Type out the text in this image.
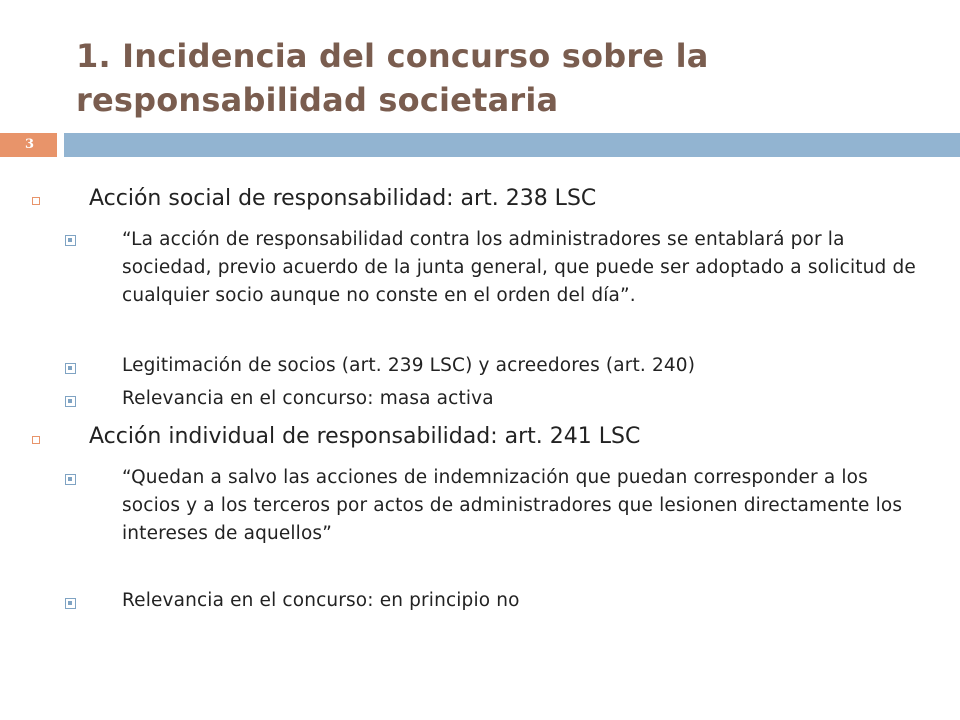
1. Incidencia del concurso sobre la responsabilidad societaria
3
Acción social de responsabilidad: art. 238 LSC
“La acción de responsabilidad contra los administradores se entablará por la sociedad, previo acuerdo de la junta general, que puede ser adoptado a solicitud de cualquier socio aunque no conste en el orden del día”.
Legitimación de socios (art. 239 LSC) y acreedores (art. 240)
Relevancia en el concurso: masa activa
Acción individual de responsabilidad: art. 241 LSC
“Quedan a salvo las acciones de indemnización que puedan corresponder a los socios y a los terceros por actos de administradores que lesionen directamente los intereses de aquellos”
Relevancia en el concurso: en principio no
